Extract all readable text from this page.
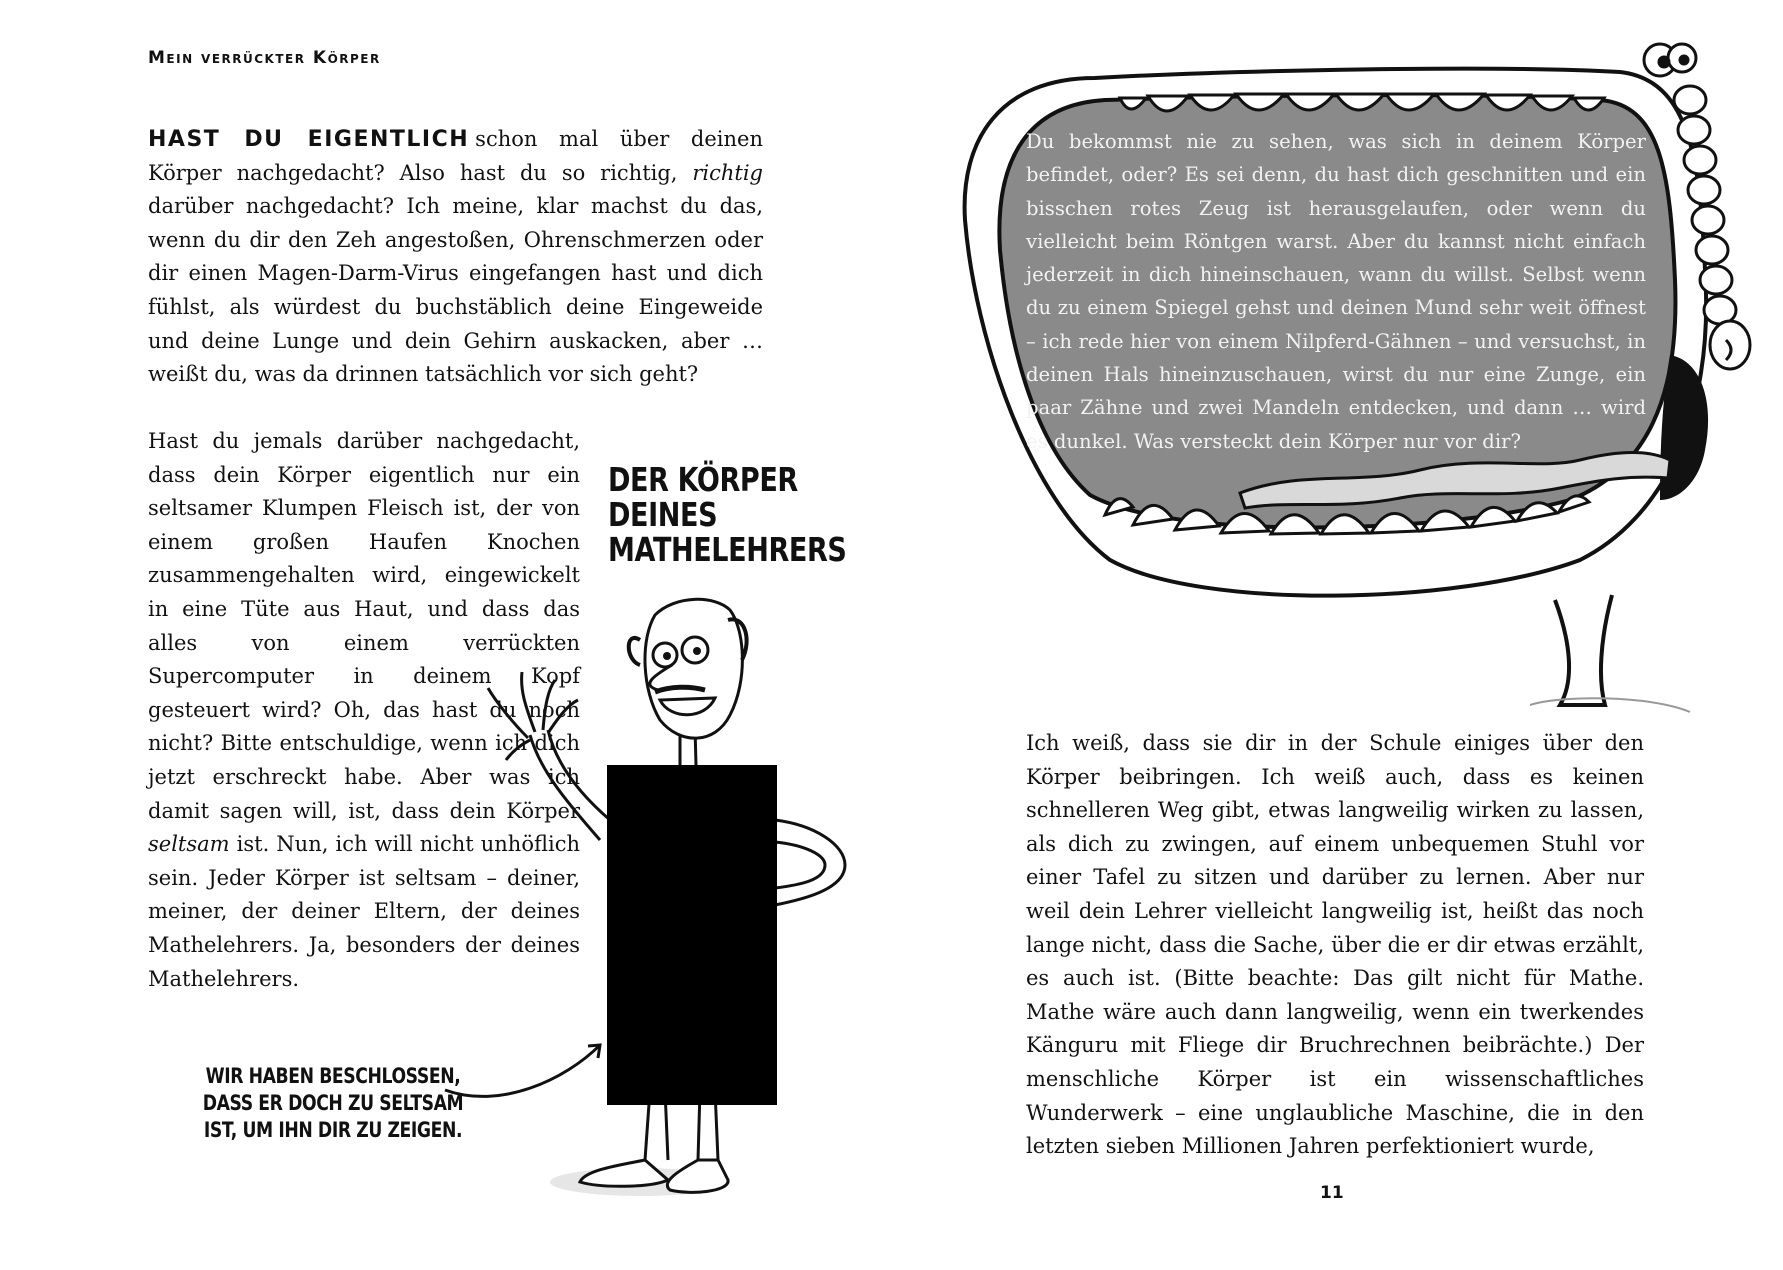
Mein verrückter Körper

HAST DU EIGENTLICH schon mal über deinen Körper nachgedacht? Also hast du so richtig, richtig darüber nachgedacht? Ich meine, klar machst du das, wenn du dir den Zeh angestoßen, Ohrenschmerzen oder dir einen Magen-Darm-Virus eingefangen hast und dich fühlst, als würdest du buchstäblich deine Eingeweide und deine Lunge und dein Gehirn auskacken, aber … weißt du, was da drinnen tatsächlich vor sich geht?

Hast du jemals darüber nachgedacht, dass dein Körper eigentlich nur ein seltsamer Klumpen Fleisch ist, der von einem großen Haufen Knochen zusammengehalten wird, eingewickelt in eine Tüte aus Haut, und dass das alles von einem verrückten Supercomputer in deinem Kopf gesteuert wird? Oh, das hast du noch nicht? Bitte entschuldige, wenn ich dich jetzt erschreckt habe. Aber was ich damit sagen will, ist, dass dein Körper seltsam ist. Nun, ich will nicht unhöflich sein. Jeder Körper ist seltsam – deiner, meiner, der deiner Eltern, der deines Mathelehrers. Ja, besonders der deines Mathelehrers.

DER KÖRPER DEINES MATHELEHRERS
WIR HABEN BESCHLOSSEN, DASS ER DOCH ZU SELTSAM IST, UM IHN DIR ZU ZEIGEN.

Du bekommst nie zu sehen, was sich in deinem Körper befindet, oder? Es sei denn, du hast dich geschnitten und ein bisschen rotes Zeug ist herausgelaufen, oder wenn du vielleicht beim Röntgen warst. Aber du kannst nicht einfach jederzeit in dich hineinschauen, wann du willst. Selbst wenn du zu einem Spiegel gehst und deinen Mund sehr weit öffnest – ich rede hier von einem Nilpferd-Gähnen – und versuchst, in deinen Hals hineinzuschauen, wirst du nur eine Zunge, ein paar Zähne und zwei Mandeln entdecken, und dann … wird es dunkel. Was versteckt dein Körper nur vor dir?

Ich weiß, dass sie dir in der Schule einiges über den Körper beibringen. Ich weiß auch, dass es keinen schnelleren Weg gibt, etwas langweilig wirken zu lassen, als dich zu zwingen, auf einem unbequemen Stuhl vor einer Tafel zu sitzen und darüber zu lernen. Aber nur weil dein Lehrer vielleicht langweilig ist, heißt das noch lange nicht, dass die Sache, über die er dir etwas erzählt, es auch ist. (Bitte beachte: Das gilt nicht für Mathe. Mathe wäre auch dann langweilig, wenn ein twerkendes Känguru mit Fliege dir Bruchrechnen beibrächte.) Der menschliche Körper ist ein wissenschaftliches Wunderwerk – eine unglaubliche Maschine, die in den letzten sieben Millionen Jahren perfektioniert wurde,

11
